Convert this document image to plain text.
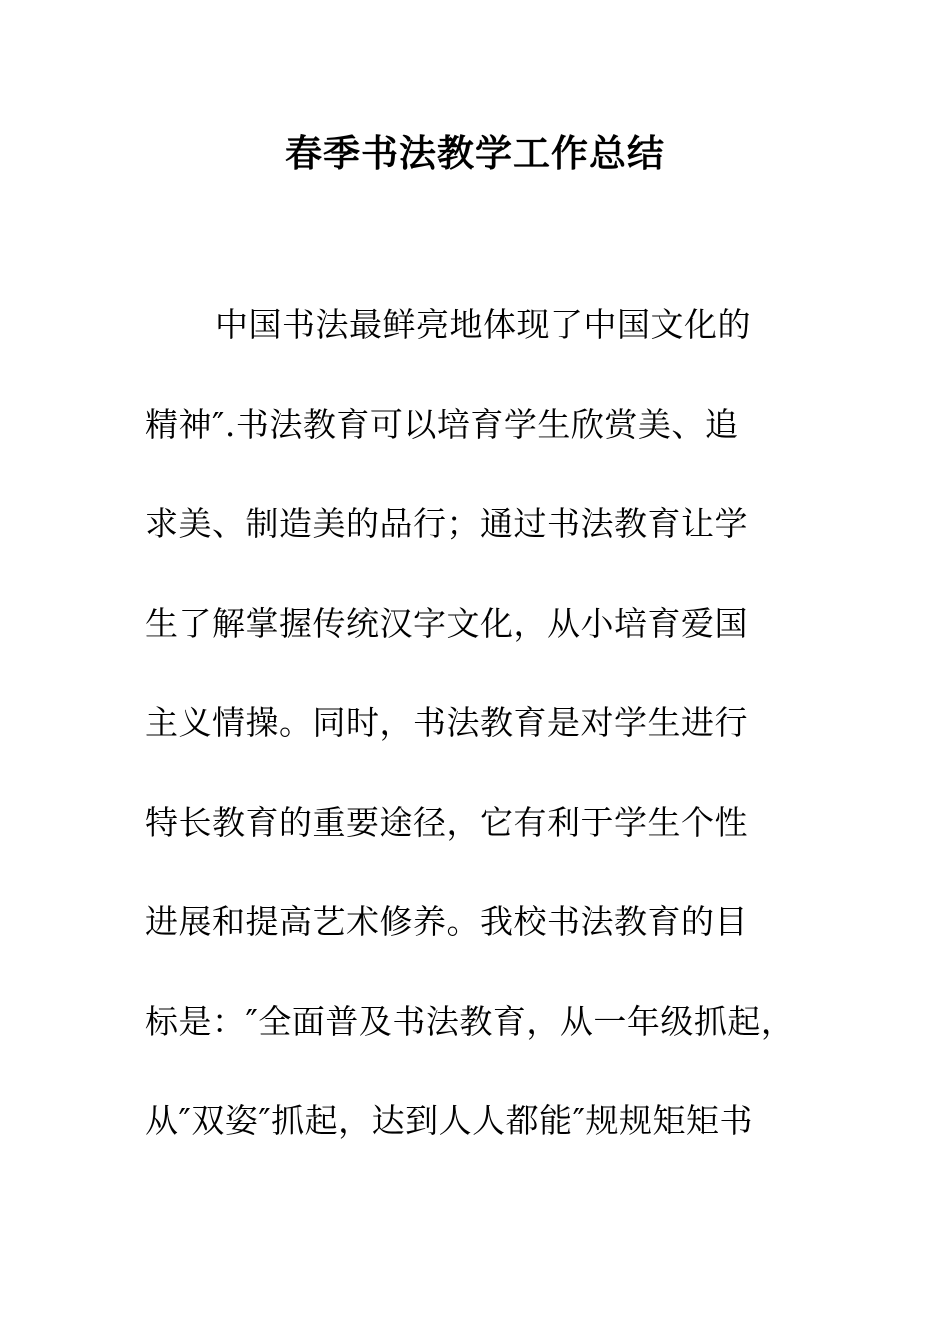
春季书法教学工作总结

中国书法最鲜亮地体现了中国文化的

精神″.书法教育可以培育学生欣赏美、追

求美、制造美的品行；通过书法教育让学

生了解掌握传统汉字文化，从小培育爱国

主义情操。同时，书法教育是对学生进行

特长教育的重要途径，它有利于学生个性

进展和提高艺术修养。我校书法教育的目

标是：″全面普及书法教育，从一年级抓起，

从″双姿″抓起，达到人人都能″规规矩矩书
